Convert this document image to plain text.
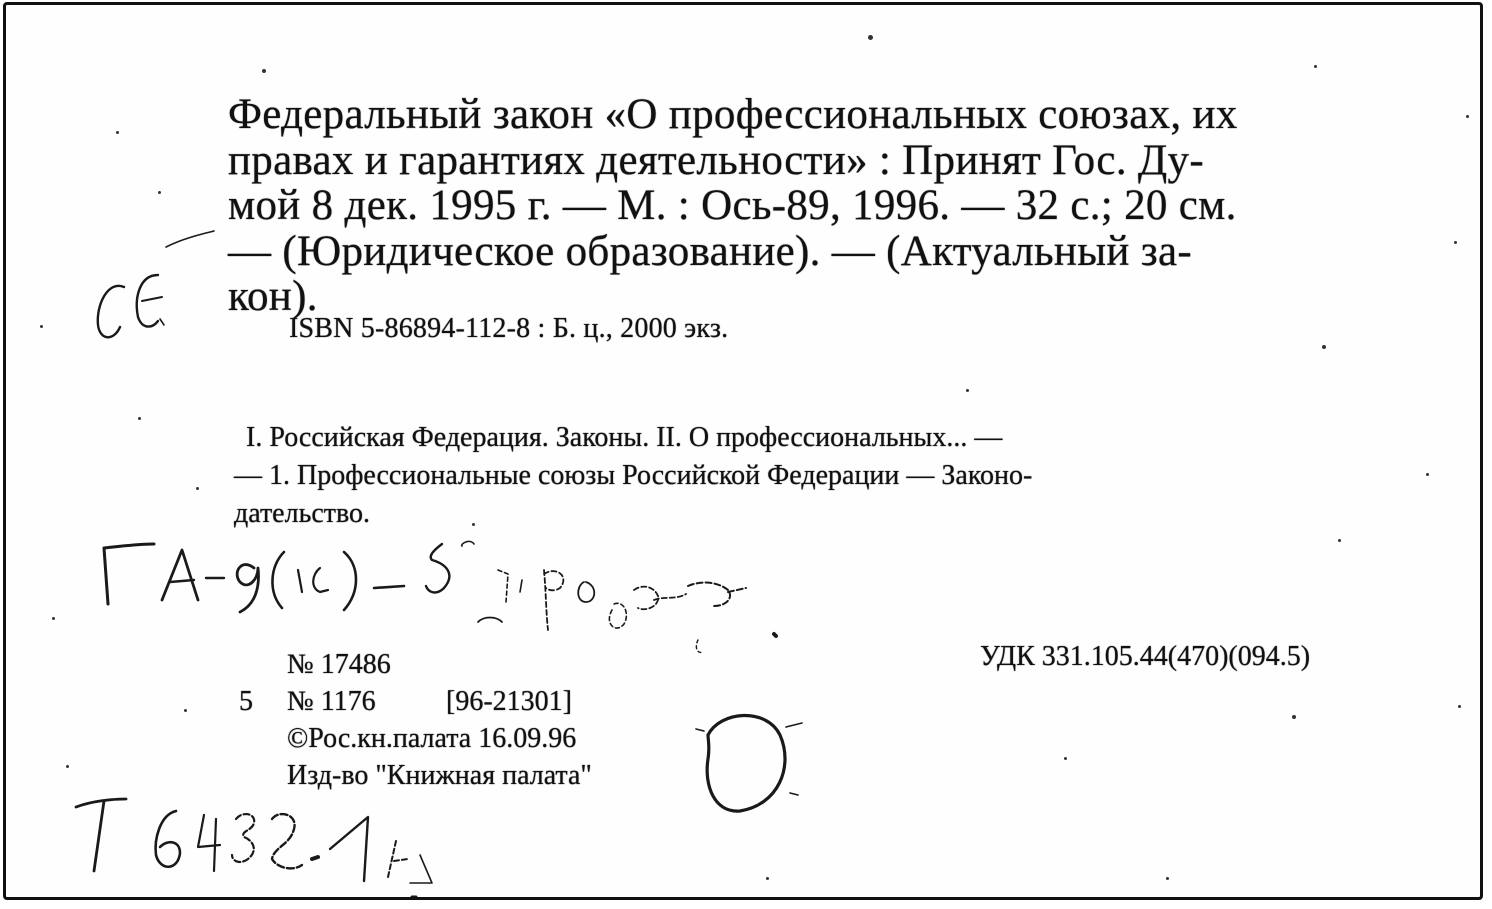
Федеральный закон «О профессиональных союзах, их
правах и гарантиях деятельности» : Принят Гос. Ду-
мой 8 дек. 1995 г. — М. : Ось-89, 1996. — 32 с.; 20 см.
— (Юридическое образование). — (Актуальный за-
кон).
ISBN 5-86894-112-8 : Б. ц., 2000 экз.
I. Российская Федерация. Законы. II. О профессиональных... —
— 1. Профессиональные союзы Российской Федерации — Законо-
дательство.
№ 17486
5 № 1176	[96-21301]
©Рос.кн.палата 16.09.96
Изд-во "Книжная палата"
УДК 331.105.44(470)(094.5)
